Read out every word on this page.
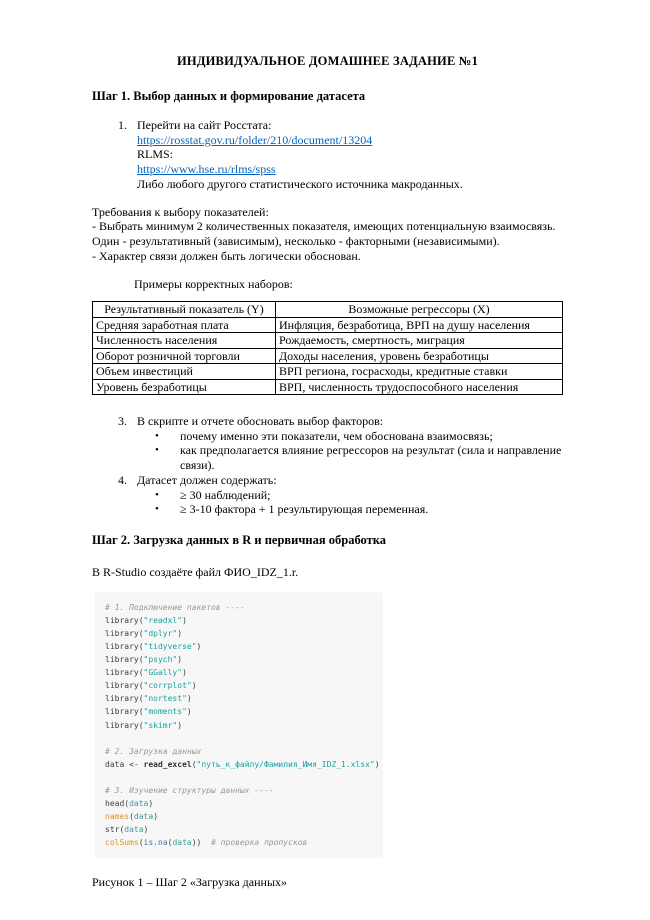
ИНДИВИДУАЛЬНОЕ ДОМАШНЕЕ ЗАДАНИЕ №1
Шаг 1. Выбор данных и формирование датасета
1. Перейти на сайт Росстата:
https://rosstat.gov.ru/folder/210/document/13204
RLMS:
https://www.hse.ru/rlms/spss
Либо любого другого статистического источника макроданных.
Требования к выбору показателей:
- Выбрать минимум 2 количественных показателя, имеющих потенциальную взаимосвязь. Один - результативный (зависимым), несколько - факторными (независимыми).
- Характер связи должен быть логически обоснован.
Примеры корректных наборов:
Результативный показатель (Y)	Возможные регрессоры (X)
Средняя заработная плата	Инфляция, безработица, ВРП на душу населения
Численность населения	Рождаемость, смертность, миграция
Оборот розничной торговли	Доходы населения, уровень безработицы
Объем инвестиций	ВРП региона, госрасходы, кредитные ставки
Уровень безработицы	ВРП, численность трудоспособного населения
3. В скрипте и отчете обосновать выбор факторов:
•	почему именно эти показатели, чем обоснована взаимосвязь;
•	как предполагается влияние регрессоров на результат (сила и направление связи).
4. Датасет должен содержать:
•	≥ 30 наблюдений;
•	≥ 3-10 фактора + 1 результирующая переменная.
Шаг 2. Загрузка данных в R и первичная обработка
В R-Studio создаёте файл ФИО_IDZ_1.r.
# 1. Подключение пакетов ----
library("readxl")
library("dplyr")
library("tidyverse")
library("psych")
library("GGally")
library("corrplot")
library("nortest")
library("moments")
library("skimr")

# 2. Загрузка данных
data <- read_excel("путь_к_файлу/Фамилия_Имя_IDZ_1.xlsx")

# 3. Изучение структуры данных ----
head(data)
names(data)
str(data)
colSums(is.na(data))  # проверка пропусков
Рисунок 1 – Шаг 2 «Загрузка данных»
